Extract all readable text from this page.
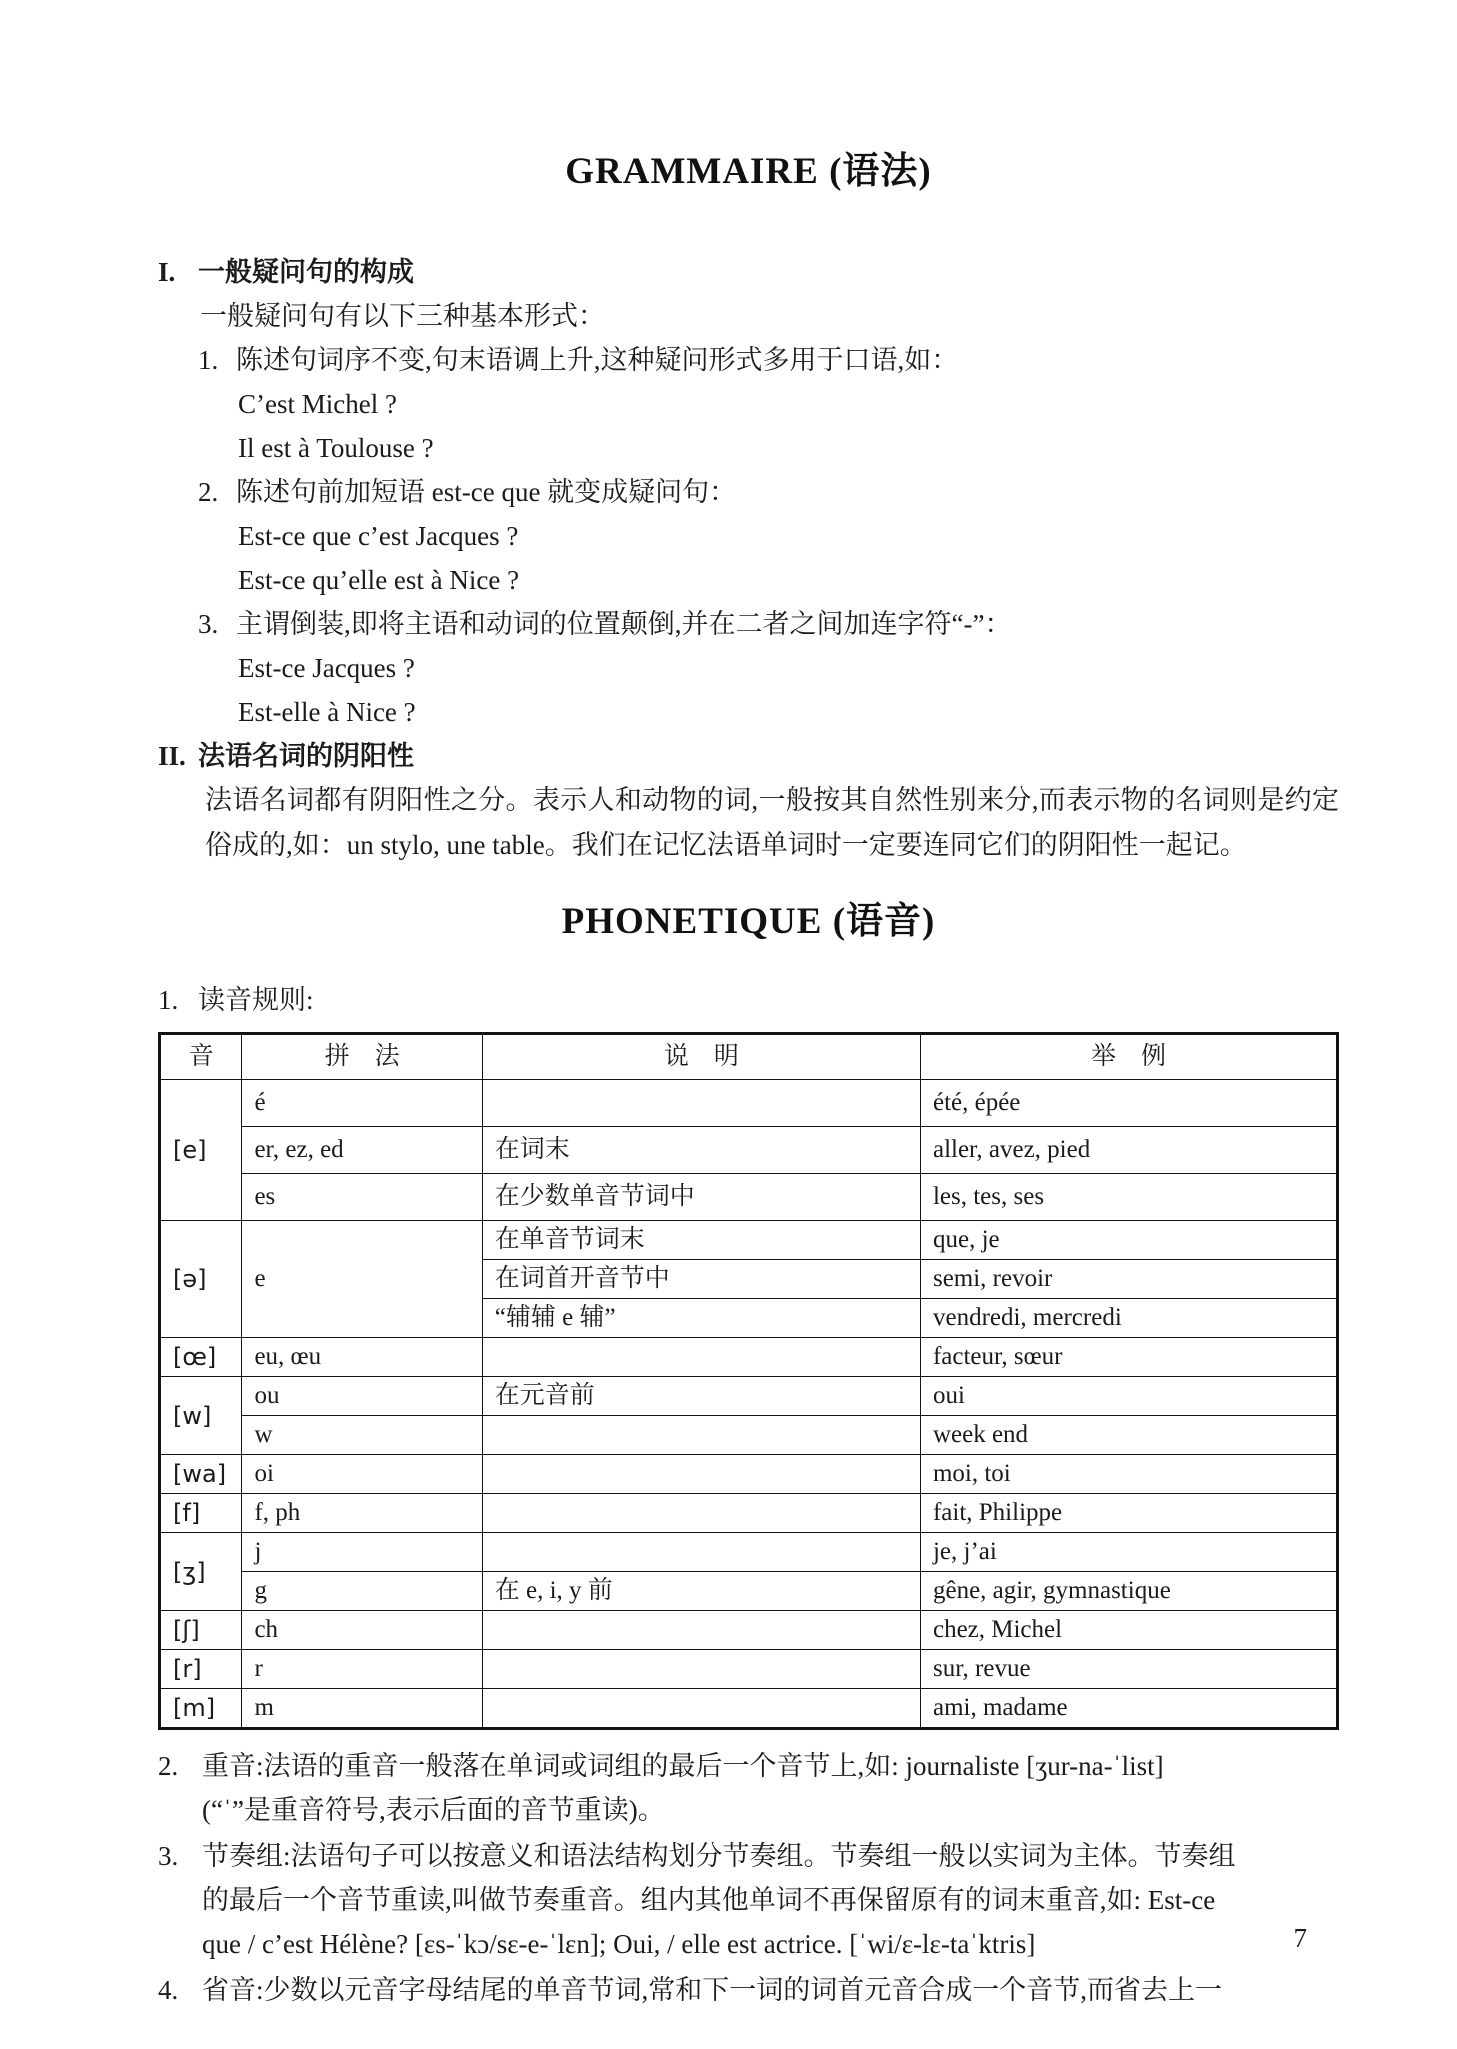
GRAMMAIRE (语法)
I. 一般疑问句的构成
一般疑问句有以下三种基本形式：
1. 陈述句词序不变,句末语调上升,这种疑问形式多用于口语,如：
C’est Michel ?
Il est à Toulouse ?
2. 陈述句前加短语 est-ce que 就变成疑问句：
Est-ce que c’est Jacques ?
Est-ce qu’elle est à Nice ?
3. 主谓倒装,即将主语和动词的位置颠倒,并在二者之间加连字符“-”：
Est-ce Jacques ?
Est-elle à Nice ?
II. 法语名词的阴阳性
法语名词都有阴阳性之分。表示人和动物的词,一般按其自然性别来分,而表示物的名词则是约定俗成的,如：un stylo, une table。我们在记忆法语单词时一定要连同它们的阴阳性一起记。
PHONETIQUE (语音)
1. 读音规则:
音	拼　法	说　明	举　例
[e]	é		été, épée
	er, ez, ed	在词末	aller, avez, pied
	es	在少数单音节词中	les, tes, ses
[ə]	e	在单音节词末	que, je
		在词首开音节中	semi, revoir
		“辅辅 e 辅”	vendredi, mercredi
[œ]	eu, œu		facteur, sœur
[w]	ou	在元音前	oui
	w		week end
[wa]	oi		moi, toi
[f]	f, ph		fait, Philippe
[ʒ]	j		je, j’ai
	g	在 e, i, y 前	gêne, agir, gymnastique
[ʃ]	ch		chez, Michel
[r]	r		sur, revue
[m]	m		ami, madame
2. 重音:法语的重音一般落在单词或词组的最后一个音节上,如: journaliste [ʒur-na-ˈlist]
(“ˈ”是重音符号,表示后面的音节重读)。
3. 节奏组:法语句子可以按意义和语法结构划分节奏组。节奏组一般以实词为主体。节奏组
的最后一个音节重读,叫做节奏重音。组内其他单词不再保留原有的词末重音,如: Est-ce
que / c’est Hélène? [ɛs-ˈkɔ/sɛ-e-ˈlɛn]; Oui, / elle est actrice. [ˈwi/ɛ-lɛ-taˈktris]
4. 省音:少数以元音字母结尾的单音节词,常和下一词的词首元音合成一个音节,而省去上一
7
